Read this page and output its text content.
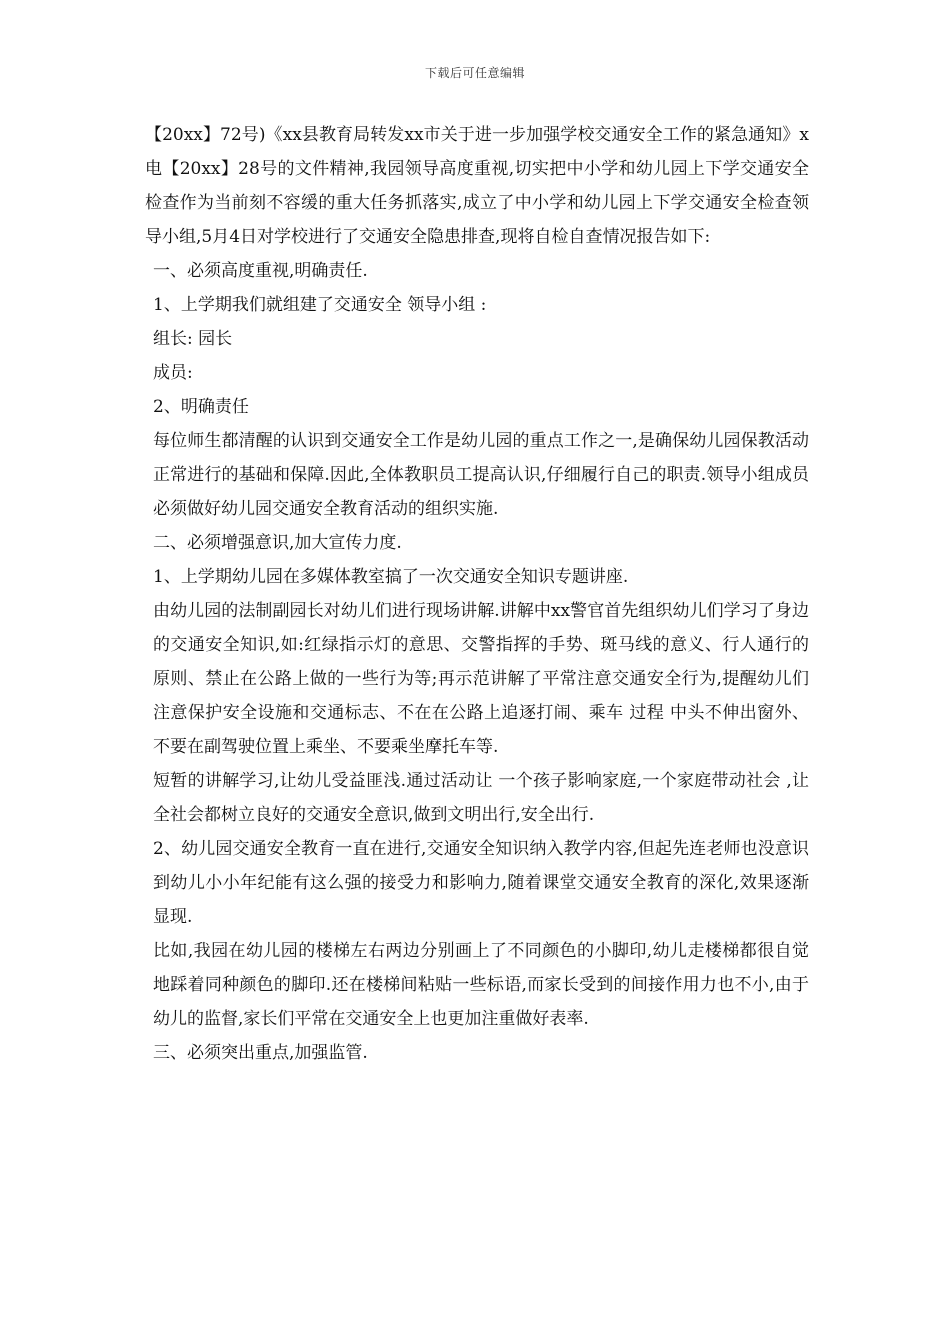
下载后可任意编辑

【20xx】72号)《xx县教育局转发xx市关于进一步加强学校交通安全工作的紧急通知》x电【20xx】28号的文件精神,我园领导高度重视,切实把中小学和幼儿园上下学交通安全检查作为当前刻不容缓的重大任务抓落实,成立了中小学和幼儿园上下学交通安全检查领导小组,5月4日对学校进行了交通安全隐患排查,现将自检自查情况报告如下:

一、必须高度重视,明确责任.

1、上学期我们就组建了交通安全 领导小组 :

组长: 园长

成员:

2、明确责任

每位师生都清醒的认识到交通安全工作是幼儿园的重点工作之一,是确保幼儿园保教活动正常进行的基础和保障.因此,全体教职员工提高认识,仔细履行自己的职责.领导小组成员必须做好幼儿园交通安全教育活动的组织实施.

二、必须增强意识,加大宣传力度.

1、上学期幼儿园在多媒体教室搞了一次交通安全知识专题讲座.

由幼儿园的法制副园长对幼儿们进行现场讲解.讲解中xx警官首先组织幼儿们学习了身边的交通安全知识,如:红绿指示灯的意思、交警指挥的手势、斑马线的意义、行人通行的原则、禁止在公路上做的一些行为等;再示范讲解了平常注意交通安全行为,提醒幼儿们注意保护安全设施和交通标志、不在在公路上追逐打闹、乘车 过程 中头不伸出窗外、不要在副驾驶位置上乘坐、不要乘坐摩托车等.

短暂的讲解学习,让幼儿受益匪浅.通过活动让 一个孩子影响家庭,一个家庭带动社会 ,让全社会都树立良好的交通安全意识,做到文明出行,安全出行.

2、幼儿园交通安全教育一直在进行,交通安全知识纳入教学内容,但起先连老师也没意识到幼儿小小年纪能有这么强的接受力和影响力,随着课堂交通安全教育的深化,效果逐渐显现.

比如,我园在幼儿园的楼梯左右两边分别画上了不同颜色的小脚印,幼儿走楼梯都很自觉地踩着同种颜色的脚印.还在楼梯间粘贴一些标语,而家长受到的间接作用力也不小,由于幼儿的监督,家长们平常在交通安全上也更加注重做好表率.

三、必须突出重点,加强监管.
